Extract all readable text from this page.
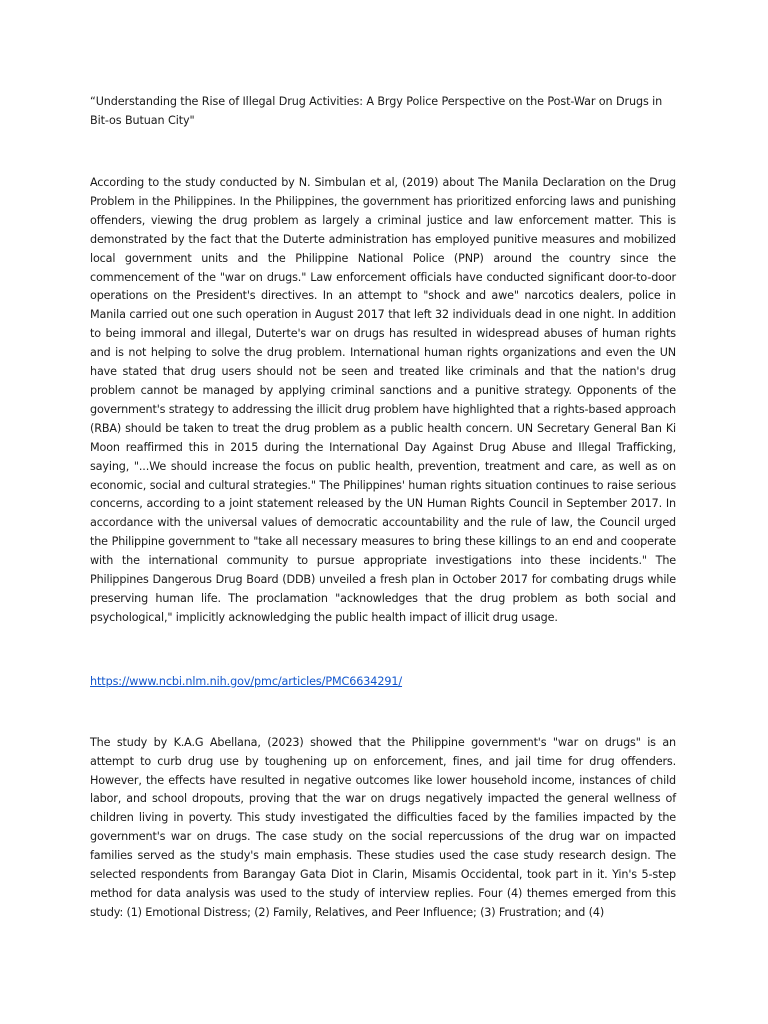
“Understanding the Rise of Illegal Drug Activities: A Brgy Police Perspective on the Post-War on Drugs in Bit-os Butuan City"

According to the study conducted by N. Simbulan et al, (2019) about The Manila Declaration on the Drug Problem in the Philippines. In the Philippines, the government has prioritized enforcing laws and punishing offenders, viewing the drug problem as largely a criminal justice and law enforcement matter. This is demonstrated by the fact that the Duterte administration has employed punitive measures and mobilized local government units and the Philippine National Police (PNP) around the country since the commencement of the "war on drugs." Law enforcement officials have conducted significant door-to-door operations on the President's directives. In an attempt to "shock and awe" narcotics dealers, police in Manila carried out one such operation in August 2017 that left 32 individuals dead in one night. In addition to being immoral and illegal, Duterte's war on drugs has resulted in widespread abuses of human rights and is not helping to solve the drug problem. International human rights organizations and even the UN have stated that drug users should not be seen and treated like criminals and that the nation's drug problem cannot be managed by applying criminal sanctions and a punitive strategy. Opponents of the government's strategy to addressing the illicit drug problem have highlighted that a rights-based approach (RBA) should be taken to treat the drug problem as a public health concern. UN Secretary General Ban Ki Moon reaffirmed this in 2015 during the International Day Against Drug Abuse and Illegal Trafficking, saying, "...We should increase the focus on public health, prevention, treatment and care, as well as on economic, social and cultural strategies." The Philippines' human rights situation continues to raise serious concerns, according to a joint statement released by the UN Human Rights Council in September 2017. In accordance with the universal values of democratic accountability and the rule of law, the Council urged the Philippine government to "take all necessary measures to bring these killings to an end and cooperate with the international community to pursue appropriate investigations into these incidents." The Philippines Dangerous Drug Board (DDB) unveiled a fresh plan in October 2017 for combating drugs while preserving human life. The proclamation "acknowledges that the drug problem as both social and psychological," implicitly acknowledging the public health impact of illicit drug usage.

https://www.ncbi.nlm.nih.gov/pmc/articles/PMC6634291/

The study by K.A.G Abellana, (2023) showed that the Philippine government's "war on drugs" is an attempt to curb drug use by toughening up on enforcement, fines, and jail time for drug offenders. However, the effects have resulted in negative outcomes like lower household income, instances of child labor, and school dropouts, proving that the war on drugs negatively impacted the general wellness of children living in poverty. This study investigated the difficulties faced by the families impacted by the government's war on drugs. The case study on the social repercussions of the drug war on impacted families served as the study's main emphasis. These studies used the case study research design. The selected respondents from Barangay Gata Diot in Clarin, Misamis Occidental, took part in it. Yin's 5-step method for data analysis was used to the study of interview replies. Four (4) themes emerged from this study: (1) Emotional Distress; (2) Family, Relatives, and Peer Influence; (3) Frustration; and (4)
